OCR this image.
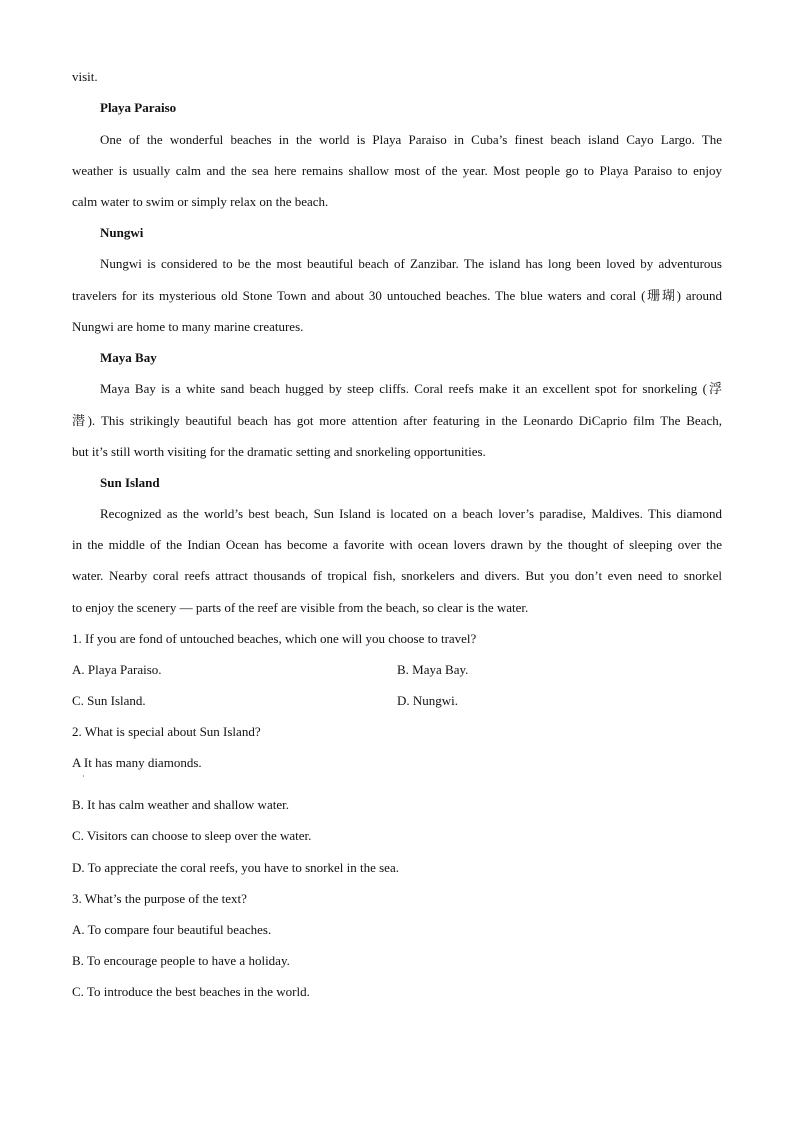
visit.
Playa Paraiso
One of the wonderful beaches in the world is Playa Paraiso in Cuba’s finest beach island Cayo Largo. The
weather is usually calm and the sea here remains shallow most of the year. Most people go to Playa Paraiso to enjoy
calm water to swim or simply relax on the beach.
Nungwi
Nungwi is considered to be the most beautiful beach of Zanzibar. The island has long been loved by adventurous
travelers for its mysterious old Stone Town and about 30 untouched beaches. The blue waters and coral (珊瑚) around
Nungwi are home to many marine creatures.
Maya Bay
Maya Bay is a white sand beach hugged by steep cliffs. Coral reefs make it an excellent spot for snorkeling (浮
潜). This strikingly beautiful beach has got more attention after featuring in the Leonardo DiCaprio film The Beach,
but it’s still worth visiting for the dramatic setting and snorkeling opportunities.
Sun Island
Recognized as the world’s best beach, Sun Island is located on a beach lover’s paradise, Maldives. This diamond
in the middle of the Indian Ocean has become a favorite with ocean lovers drawn by the thought of sleeping over the
water. Nearby coral reefs attract thousands of tropical fish, snorkelers and divers. But you don’t even need to snorkel
to enjoy the scenery — parts of the reef are visible from the beach, so clear is the water.
1. If you are fond of untouched beaches, which one will you choose to travel?
A. Playa Paraiso.	B. Maya Bay.
C. Sun Island.	D. Nungwi.
2. What is special about Sun Island?
A It has many diamonds.
·
B. It has calm weather and shallow water.
C. Visitors can choose to sleep over the water.
D. To appreciate the coral reefs, you have to snorkel in the sea.
3. What’s the purpose of the text?
A. To compare four beautiful beaches.
B. To encourage people to have a holiday.
C. To introduce the best beaches in the world.
